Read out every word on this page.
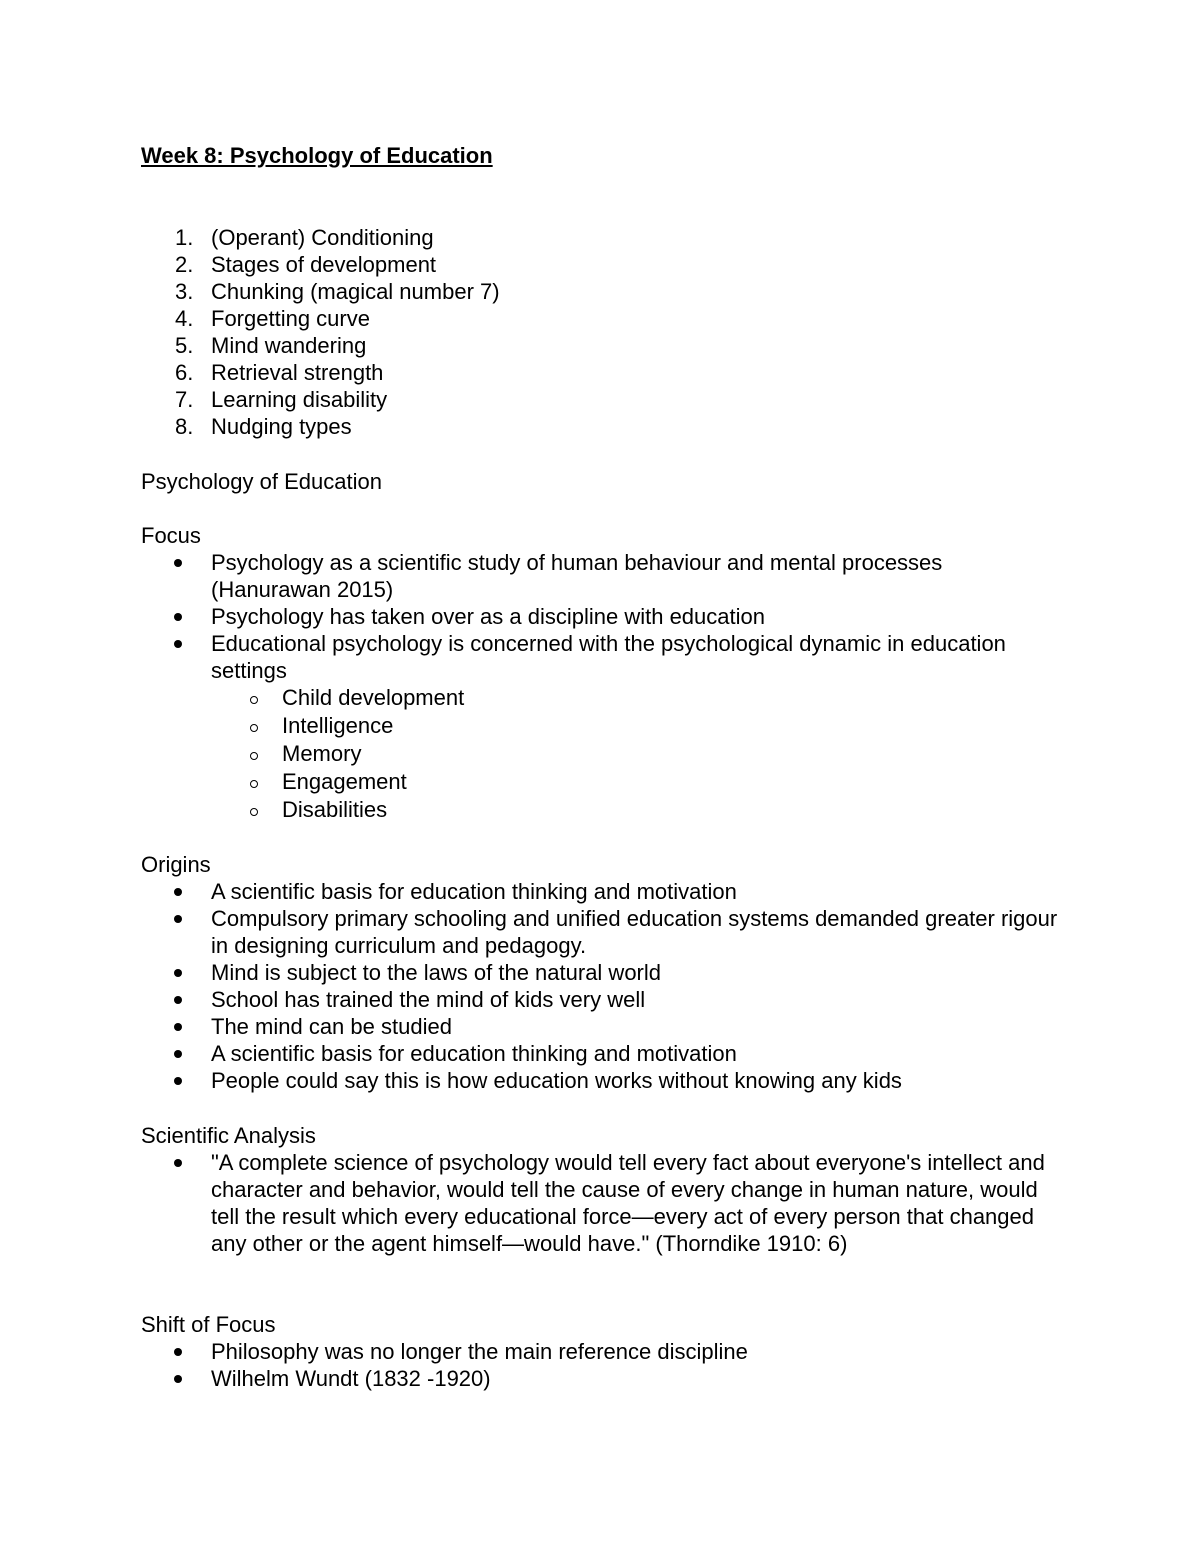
Week 8: Psychology of Education
1. (Operant) Conditioning
2. Stages of development
3. Chunking (magical number 7)
4. Forgetting curve
5. Mind wandering
6. Retrieval strength
7. Learning disability
8. Nudging types

Psychology of Education

Focus

Psychology as a scientific study of human behaviour and mental processes (Hanurawan 2015)
Psychology has taken over as a discipline with education
Educational psychology is concerned with the psychological dynamic in education settings
Child development
Intelligence
Memory
Engagement
Disabilities

Origins

A scientific basis for education thinking and motivation
Compulsory primary schooling and unified education systems demanded greater rigour in designing curriculum and pedagogy.
Mind is subject to the laws of the natural world
School has trained the mind of kids very well
The mind can be studied
A scientific basis for education thinking and motivation
People could say this is how education works without knowing any kids

Scientific Analysis

"A complete science of psychology would tell every fact about everyone's intellect and character and behavior, would tell the cause of every change in human nature, would tell the result which every educational force—every act of every person that changed any other or the agent himself—would have." (Thorndike 1910: 6)

Shift of Focus

Philosophy was no longer the main reference discipline
Wilhelm Wundt (1832 -1920)
